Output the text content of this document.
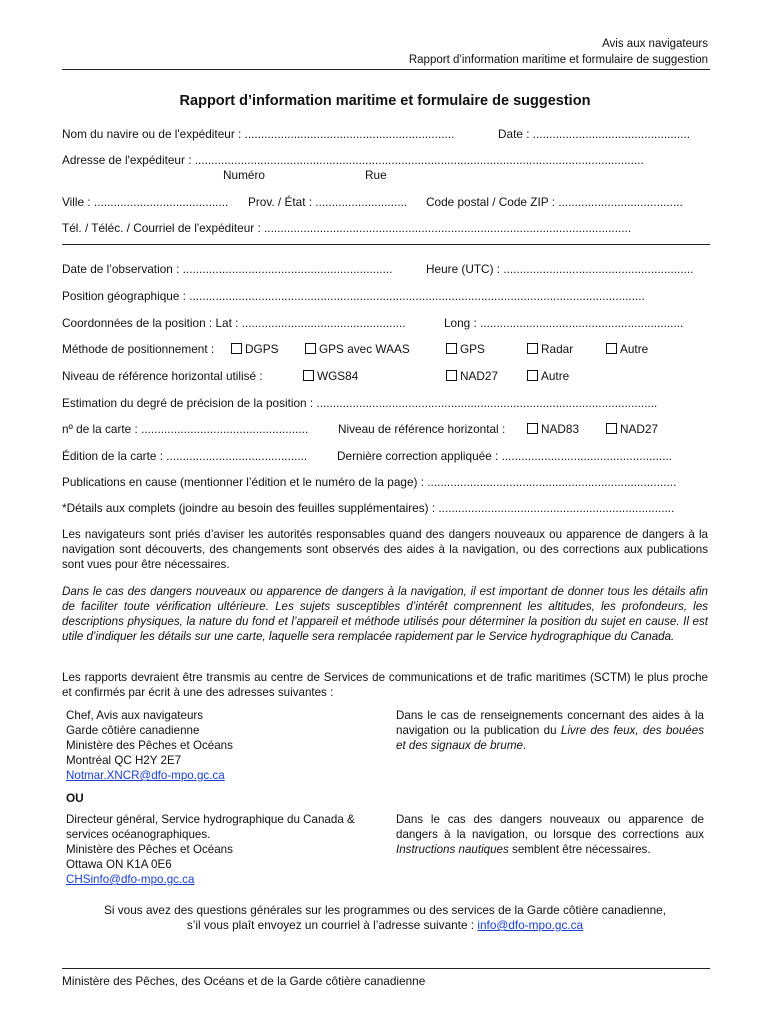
Avis aux navigateurs
Rapport d’information maritime et formulaire de suggestion
Rapport d’information maritime et formulaire de suggestion
Nom du navire ou de l'expéditeur : ................................................................	Date : ................................................
Adresse de l'expéditeur : .........................................................................................................................................
Numéro	Rue
Ville : ......................................... Prov. / État : ............................ Code postal / Code ZIP : ......................................
Tél. / Téléc. / Courriel de l'expéditeur : ................................................................................................................
Date de l’observation : ................................................................	Heure (UTC) : ..........................................................
Position géographique : ...........................................................................................................................................
Coordonnées de la position : Lat : ..................................................	Long : ..............................................................
Méthode de positionnement :	DGPS	GPS avec WAAS	GPS	Radar	Autre
Niveau de référence horizontal utilisé :	WGS84	NAD27	Autre
Estimation du degré de précision de la position : ........................................................................................................
nº de la carte : ...................................................	Niveau de référence horizontal :	NAD83	NAD27
Édition de la carte : ...........................................	Dernière correction appliquée : ....................................................
Publications en cause (mentionner l’édition et le numéro de la page) : ............................................................................
*Détails aux complets (joindre au besoin des feuilles supplémentaires) : ........................................................................
Les navigateurs sont priés d’aviser les autorités responsables quand des dangers nouveaux ou apparence de dangers à la navigation sont découverts, des changements sont observés des aides à la navigation, ou des corrections aux publications sont vues pour être nécessaires.
Dans le cas des dangers nouveaux ou apparence de dangers à la navigation, il est important de donner tous les détails afin de faciliter toute vérification ultérieure. Les sujets susceptibles d’intérêt comprennent les altitudes, les profondeurs, les descriptions physiques, la nature du fond et l’appareil et méthode utilisés pour déterminer la position du sujet en cause. Il est utile d’indiquer les détails sur une carte, laquelle sera remplacée rapidement par le Service hydrographique du Canada.
Les rapports devraient être transmis au centre de Services de communications et de trafic maritimes (SCTM) le plus proche et confirmés par écrit à une des adresses suivantes :
Chef, Avis aux navigateurs
Garde côtière canadienne
Ministère des Pêches et Océans
Montréal QC H2Y 2E7
Notmar.XNCR@dfo-mpo.gc.ca
Dans le cas de renseignements concernant des aides à la navigation ou la publication du Livre des feux, des bouées et des signaux de brume.
OU
Directeur général, Service hydrographique du Canada & services océanographiques.
Ministère des Pêches et Océans
Ottawa ON K1A 0E6
CHSinfo@dfo-mpo.gc.ca
Dans le cas des dangers nouveaux ou apparence de dangers à la navigation, ou lorsque des corrections aux Instructions nautiques semblent être nécessaires.
Si vous avez des questions générales sur les programmes ou des services de la Garde côtière canadienne,
s’il vous plaît envoyez un courriel à l’adresse suivante : info@dfo-mpo.gc.ca
Ministère des Pêches, des Océans et de la Garde côtière canadienne
